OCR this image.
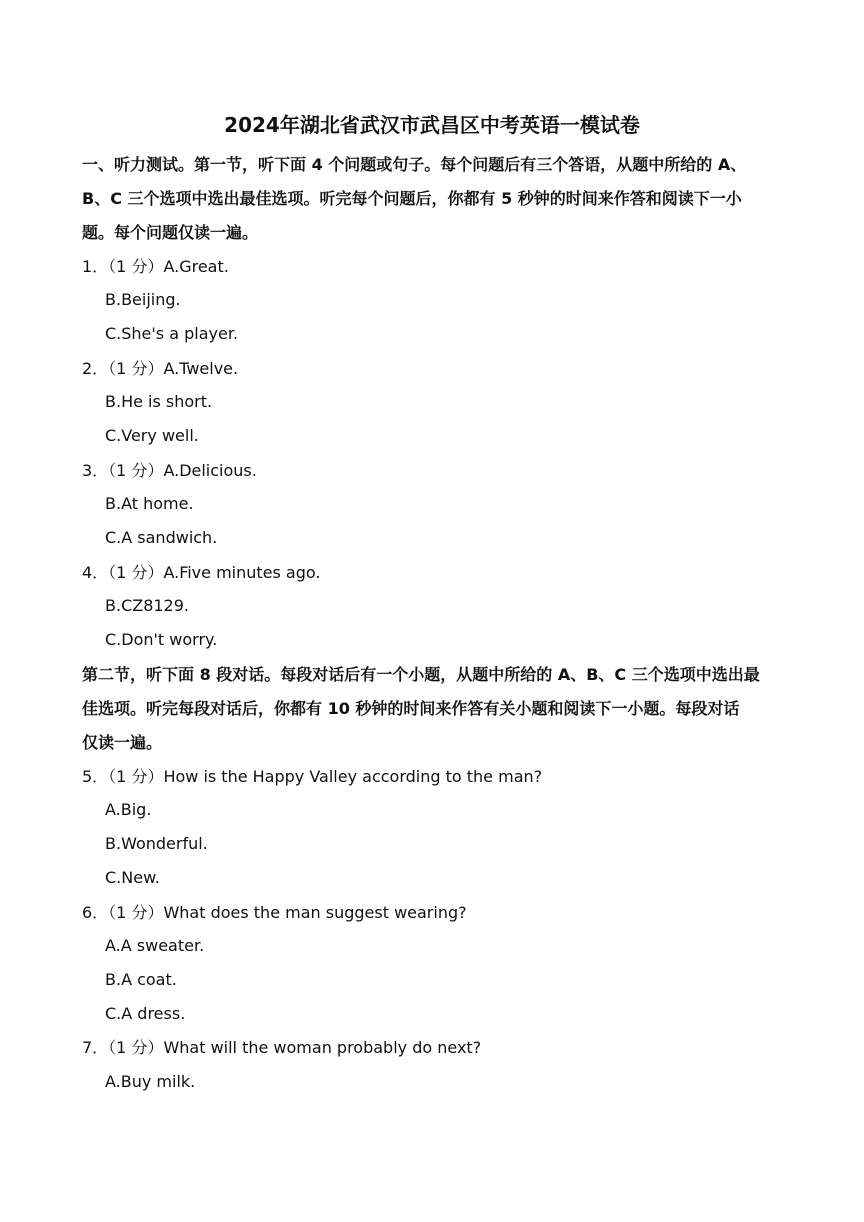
2024年湖北省武汉市武昌区中考英语一模试卷
一、听力测试。第一节，听下面 4 个问题或句子。每个问题后有三个答语，从题中所给的 A、
B、C 三个选项中选出最佳选项。听完每个问题后，你都有 5 秒钟的时间来作答和阅读下一小
题。每个问题仅读一遍。
1．（1 分）A.Great.
B.Beijing.
C.She's a player.
2．（1 分）A.Twelve.
B.He is short.
C.Very well.
3．（1 分）A.Delicious.
B.At home.
C.A sandwich.
4．（1 分）A.Five minutes ago.
B.CZ8129.
C.Don't worry.
第二节，听下面 8 段对话。每段对话后有一个小题，从题中所给的 A、B、C 三个选项中选出最
佳选项。听完每段对话后，你都有 10 秒钟的时间来作答有关小题和阅读下一小题。每段对话
仅读一遍。
5．（1 分）How is the Happy Valley according to the man?
A.Big.
B.Wonderful.
C.New.
6．（1 分）What does the man suggest wearing?
A.A sweater.
B.A coat.
C.A dress.
7．（1 分）What will the woman probably do next?
A.Buy milk.
